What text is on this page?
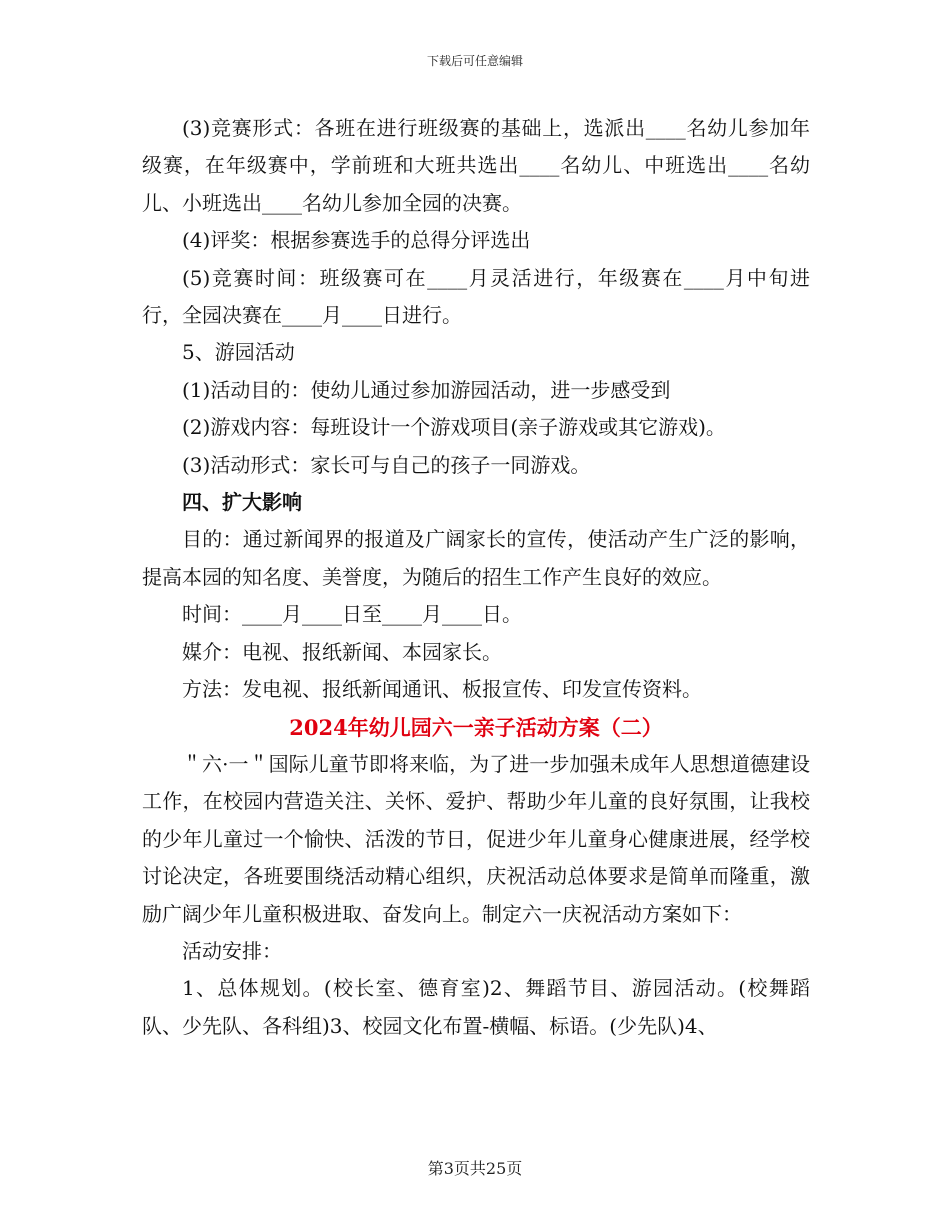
下载后可任意编辑

(3)竞赛形式：各班在进行班级赛的基础上，选派出____名幼儿参加年级赛，在年级赛中，学前班和大班共选出____名幼儿、中班选出____名幼儿、小班选出____名幼儿参加全园的决赛。

(4)评奖：根据参赛选手的总得分评选出

(5)竞赛时间：班级赛可在____月灵活进行，年级赛在____月中旬进行，全园决赛在____月____日进行。

5、游园活动

(1)活动目的：使幼儿通过参加游园活动，进一步感受到

(2)游戏内容：每班设计一个游戏项目(亲子游戏或其它游戏)。

(3)活动形式：家长可与自己的孩子一同游戏。

四、扩大影响

目的：通过新闻界的报道及广阔家长的宣传，使活动产生广泛的影响，提高本园的知名度、美誉度，为随后的招生工作产生良好的效应。

时间：____月____日至____月____日。

媒介：电视、报纸新闻、本园家长。

方法：发电视、报纸新闻通讯、板报宣传、印发宣传资料。

2024年幼儿园六一亲子活动方案（二）

＂六·一＂国际儿童节即将来临，为了进一步加强未成年人思想道德建设工作，在校园内营造关注、关怀、爱护、帮助少年儿童的良好氛围，让我校的少年儿童过一个愉快、活泼的节日，促进少年儿童身心健康进展，经学校讨论决定，各班要围绕活动精心组织，庆祝活动总体要求是简单而隆重，激励广阔少年儿童积极进取、奋发向上。制定六一庆祝活动方案如下：

活动安排：

1、总体规划。(校长室、德育室)2、舞蹈节目、游园活动。(校舞蹈队、少先队、各科组)3、校园文化布置-横幅、标语。(少先队)4、

第3页共25页
